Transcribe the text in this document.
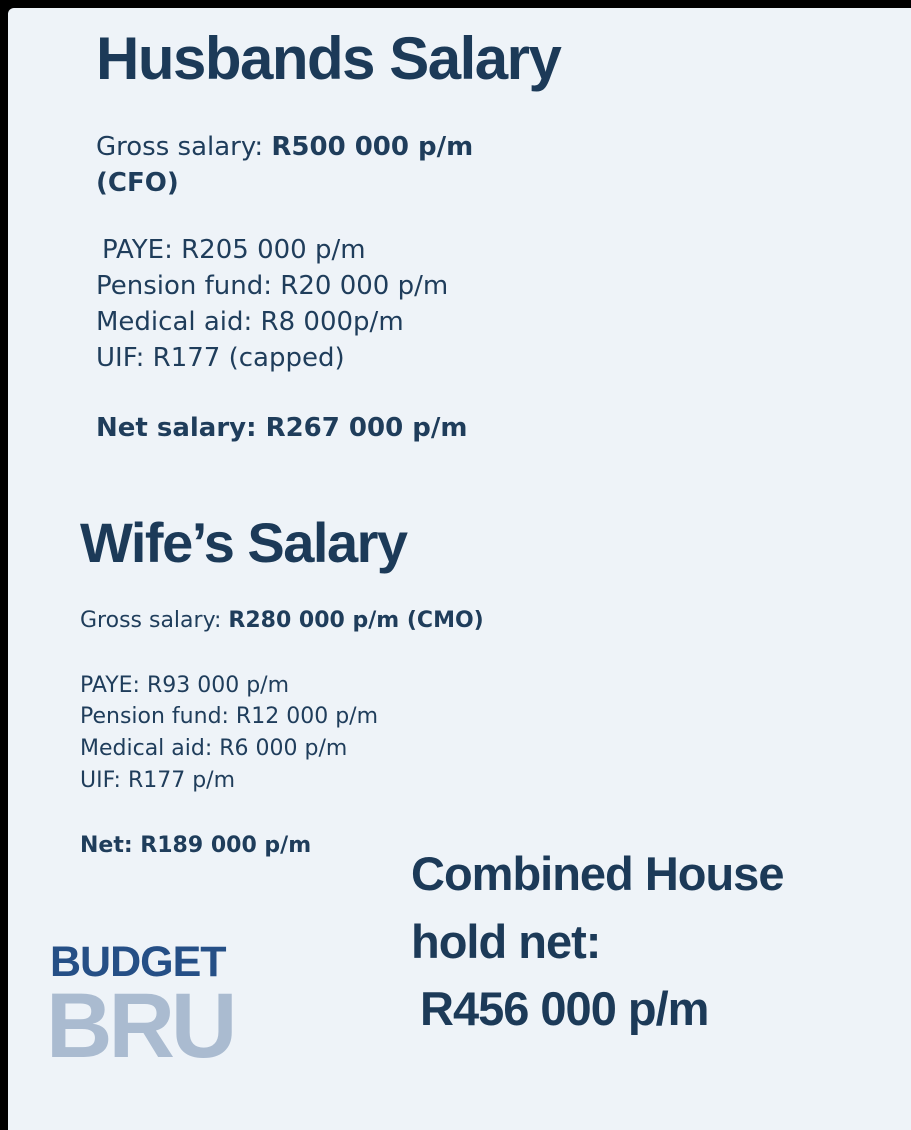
Husbands Salary
Gross salary: R500 000 p/m
(CFO)
PAYE: R205 000 p/m
Pension fund: R20 000 p/m
Medical aid: R8 000p/m
UIF: R177 (capped)
Net salary: R267 000 p/m
Wife’s Salary
Gross salary: R280 000 p/m (CMO)
PAYE: R93 000 p/m
Pension fund: R12 000 p/m
Medical aid: R6 000 p/m
UIF: R177 p/m
Net: R189 000 p/m
Combined House
hold net:
R456 000 p/m
BUDGET
BRU
